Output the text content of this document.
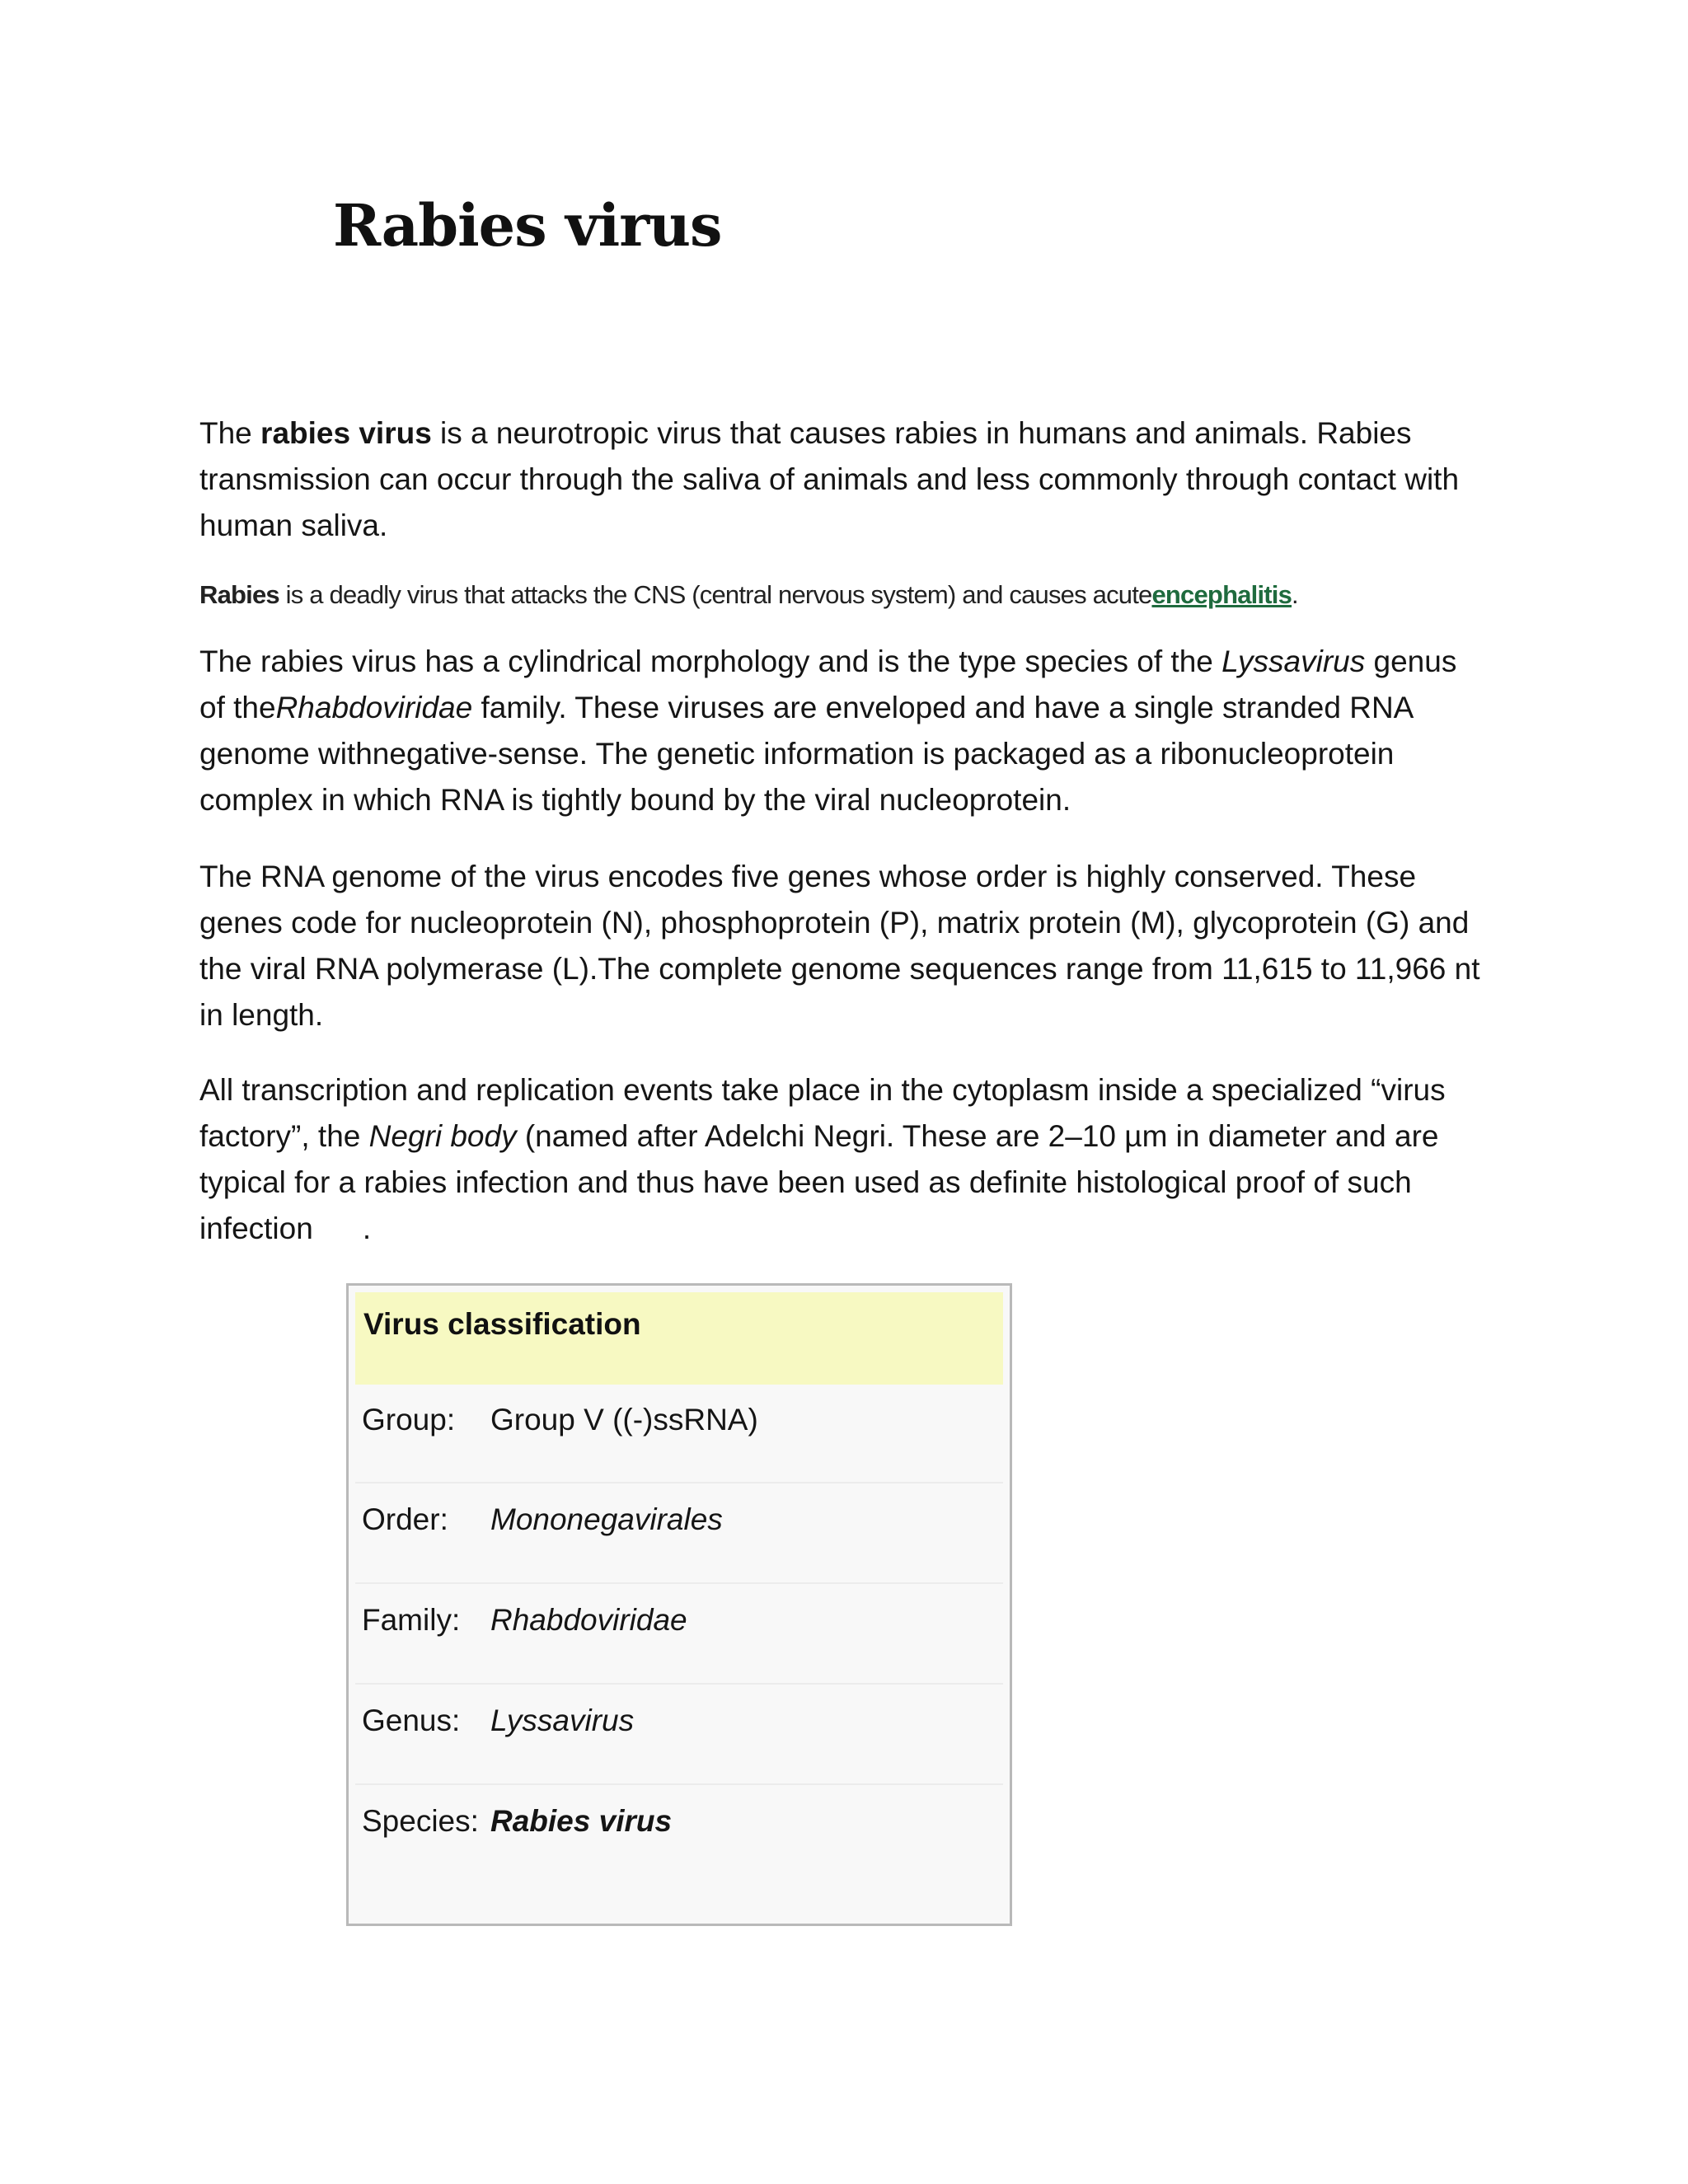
Rabies virus

The rabies virus is a neurotropic virus that causes rabies in humans and animals. Rabies transmission can occur through the saliva of animals and less commonly through contact with human saliva.

Rabies is a deadly virus that attacks the CNS (central nervous system) and causes acuteencephalitis.

The rabies virus has a cylindrical morphology and is the type species of the Lyssavirus genus of theRhabdoviridae family. These viruses are enveloped and have a single stranded RNA genome withnegative-sense. The genetic information is packaged as a ribonucleoprotein complex in which RNA is tightly bound by the viral nucleoprotein.

The RNA genome of the virus encodes five genes whose order is highly conserved. These genes code for nucleoprotein (N), phosphoprotein (P), matrix protein (M), glycoprotein (G) and the viral RNA polymerase (L).The complete genome sequences range from 11,615 to 11,966 nt in length.

All transcription and replication events take place in the cytoplasm inside a specialized “virus factory”, the Negri body (named after Adelchi Negri. These are 2–10 µm in diameter and are typical for a rabies infection and thus have been used as definite histological proof of such infection .

Virus classification
Group: Group V ((-)ssRNA)
Order: Mononegavirales
Family: Rhabdoviridae
Genus: Lyssavirus
Species: Rabies virus
